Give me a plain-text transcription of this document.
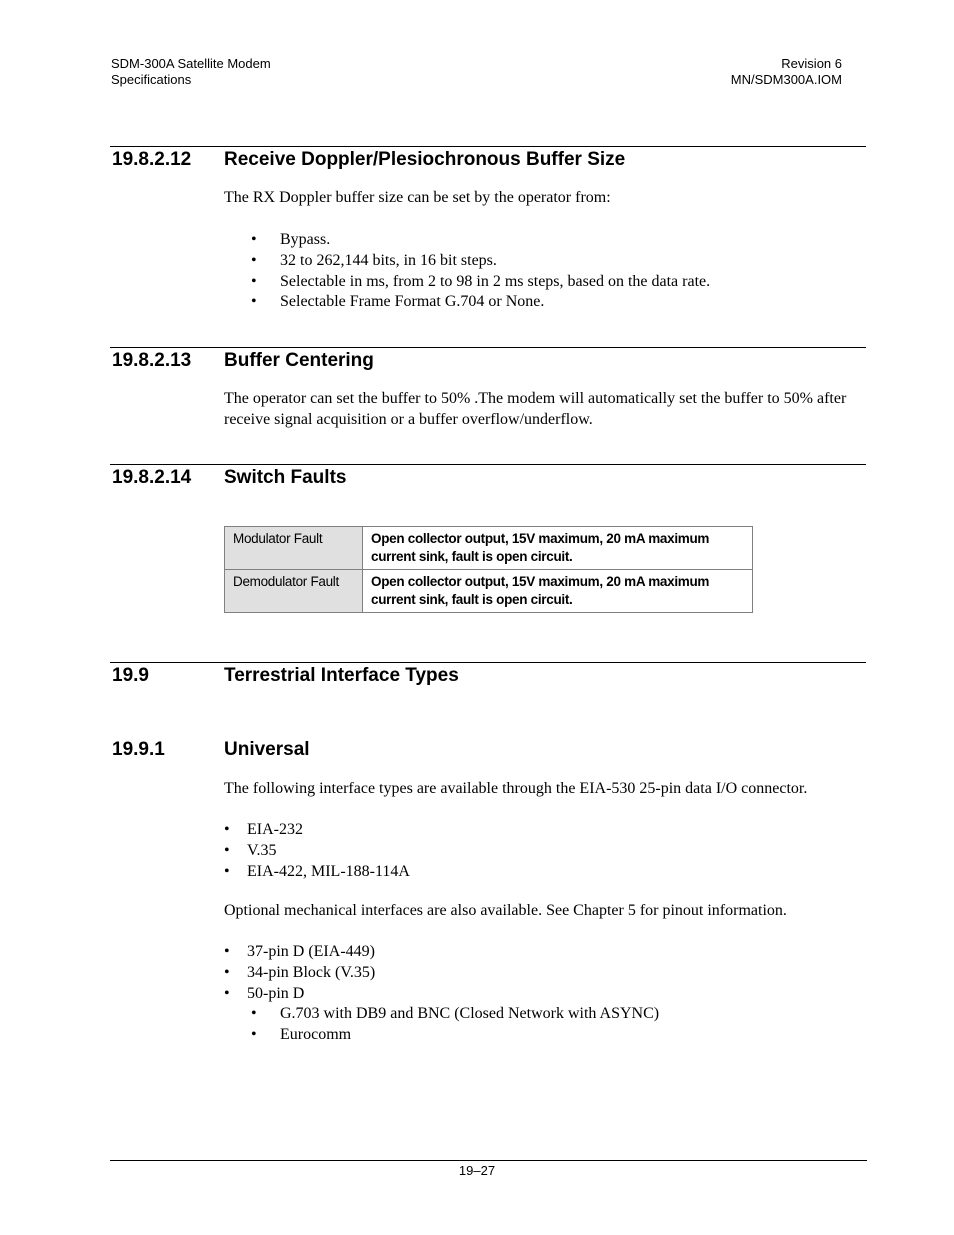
SDM-300A Satellite Modem
Specifications
Revision 6
MN/SDM300A.IOM
19.8.2.12 Receive Doppler/Plesiochronous Buffer Size
The RX Doppler buffer size can be set by the operator from:
• Bypass.
• 32 to 262,144 bits, in 16 bit steps.
• Selectable in ms, from 2 to 98 in 2 ms steps, based on the data rate.
• Selectable Frame Format G.704 or None.
19.8.2.13 Buffer Centering
The operator can set the buffer to 50% .The modem will automatically set the buffer to 50% after receive signal acquisition or a buffer overflow/underflow.
19.8.2.14 Switch Faults
Modulator Fault	Open collector output, 15V maximum, 20 mA maximum current sink, fault is open circuit.
Demodulator Fault	Open collector output, 15V maximum, 20 mA maximum current sink, fault is open circuit.
19.9	Terrestrial Interface Types
19.9.1	Universal
The following interface types are available through the EIA-530 25-pin data I/O connector.
• EIA-232
• V.35
• EIA-422, MIL-188-114A
Optional mechanical interfaces are also available. See Chapter 5 for pinout information.
• 37-pin D (EIA-449)
• 34-pin Block (V.35)
• 50-pin D
• G.703 with DB9 and BNC (Closed Network with ASYNC)
• Eurocomm
19–27
